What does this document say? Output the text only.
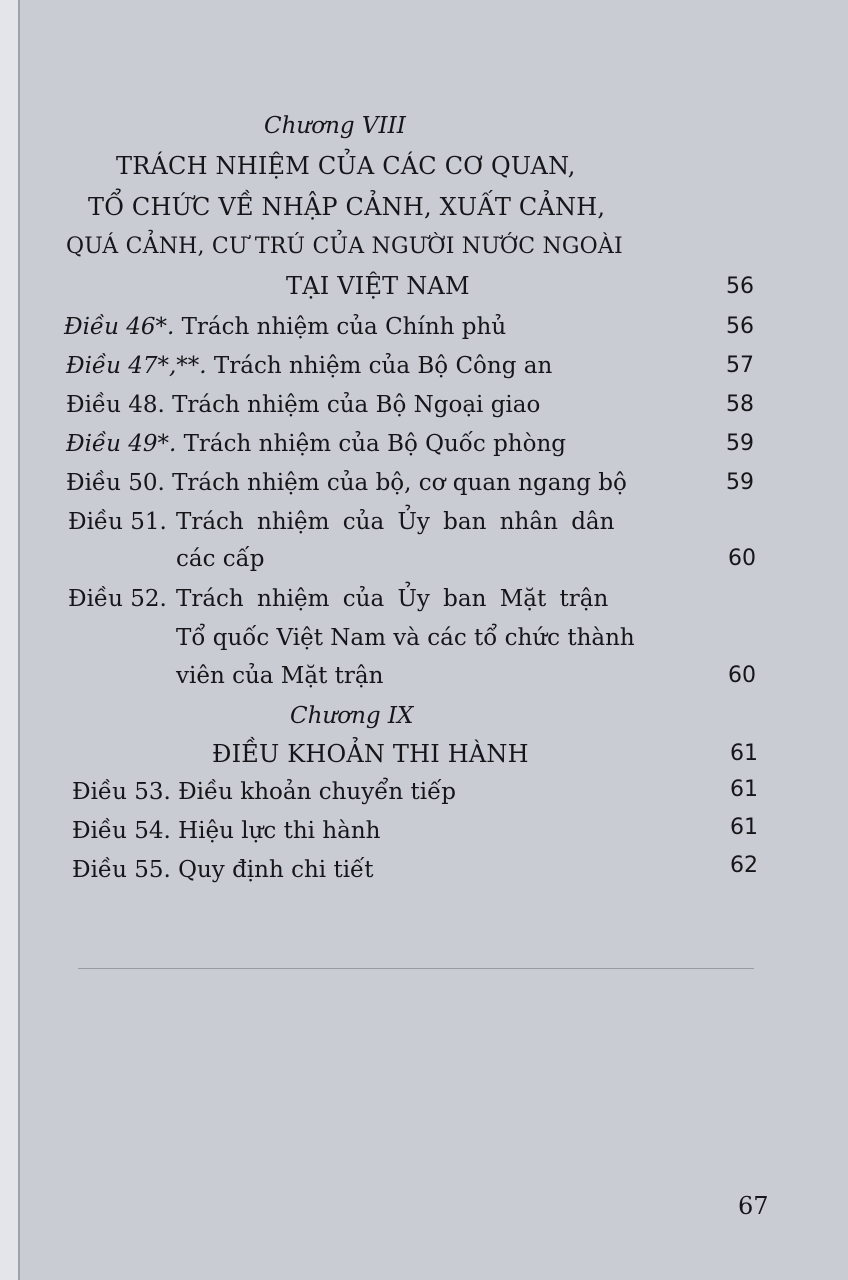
Chương VIII
TRÁCH NHIỆM CỦA CÁC CƠ QUAN,
TỔ CHỨC VỀ NHẬP CẢNH, XUẤT CẢNH,
QUÁ CẢNH, CƯ TRÚ CỦA NGƯỜI NƯỚC NGOÀI
TẠI VIỆT NAM	56
Điều 46*. Trách nhiệm của Chính phủ	56
Điều 47*,**. Trách nhiệm của Bộ Công an	57
Điều 48. Trách nhiệm của Bộ Ngoại giao	58
Điều 49*. Trách nhiệm của Bộ Quốc phòng	59
Điều 50. Trách nhiệm của bộ, cơ quan ngang bộ	59
Điều 51. Trách nhiệm của Ủy ban nhân dân
các cấp	60
Điều 52. Trách nhiệm của Ủy ban Mặt trận
Tổ quốc Việt Nam và các tổ chức thành
viên của Mặt trận	60
Chương IX
ĐIỀU KHOẢN THI HÀNH	61
Điều 53. Điều khoản chuyển tiếp	61
Điều 54. Hiệu lực thi hành	61
Điều 55. Quy định chi tiết	62
67
